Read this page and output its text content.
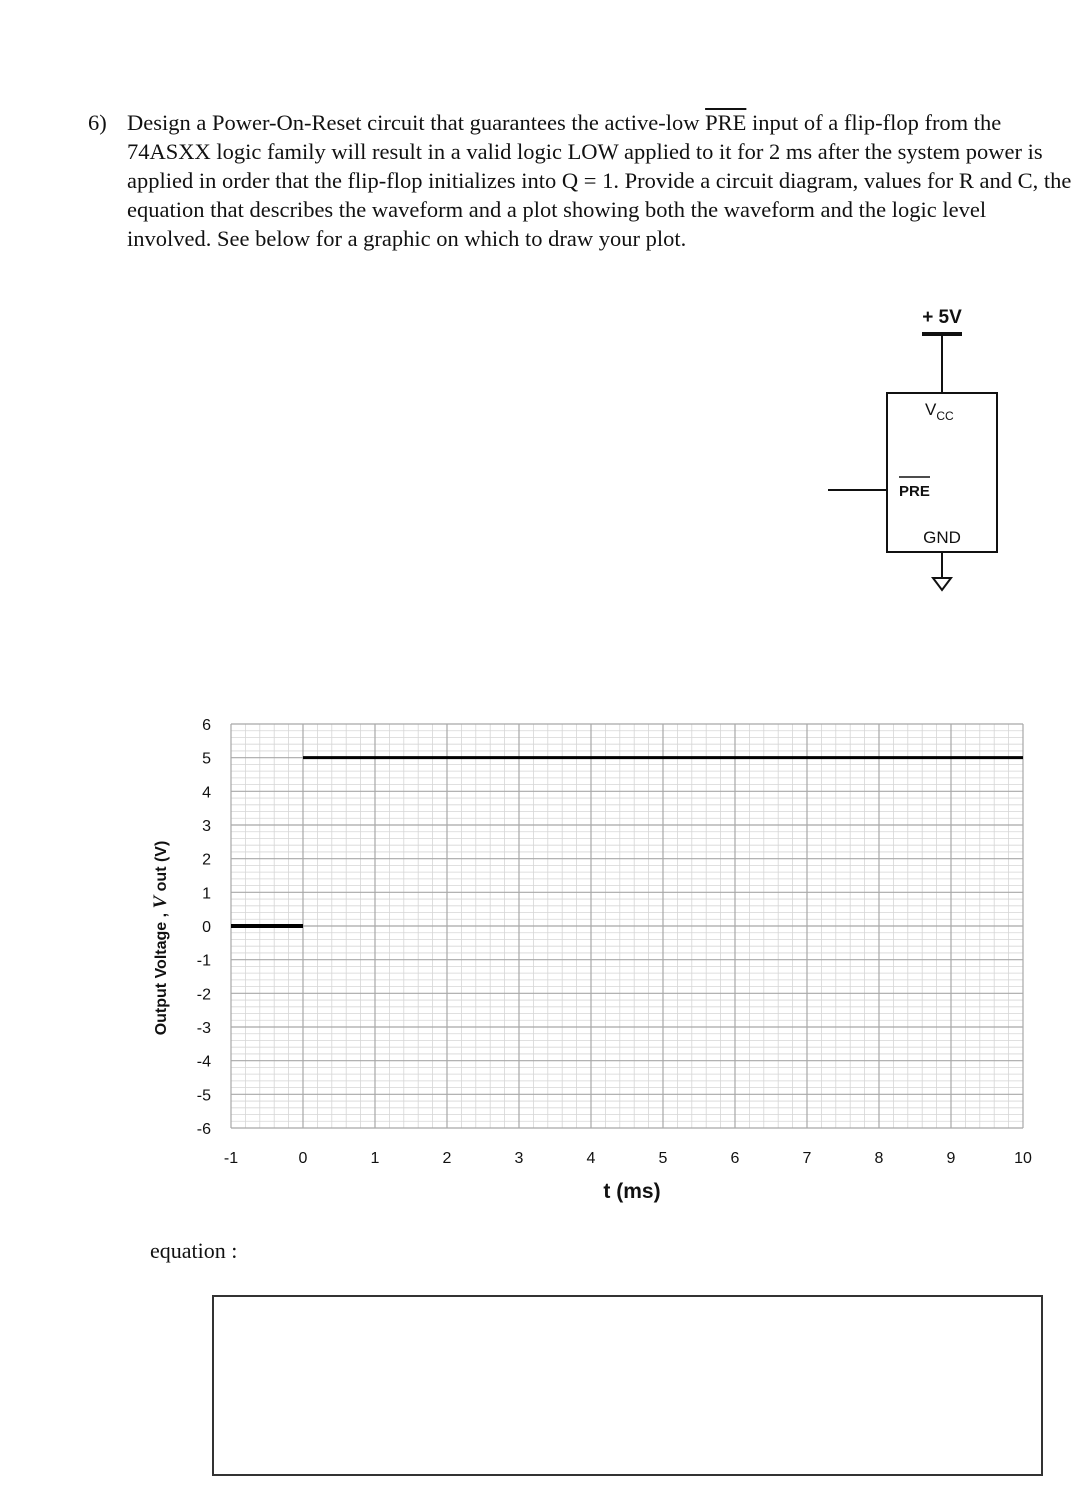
6) Design a Power-On-Reset circuit that guarantees the active-low $\overline{PRE}$ input of a flip-flop from the 74ASXX logic family will result in a valid logic LOW applied to it for 2 ms after the system power is applied in order that the flip-flop initializes into Q = 1. Provide a circuit diagram, values for R and C, the equation that describes the waveform and a plot showing both the waveform and the logic level involved. See below for a graphic on which to draw your plot.
+ 5V
$V_{CC}$
PRE
GND
6
5
4
3
2
1
0
-1
-2
-3
-4
-5
-6
-1	0	1	2	3	4	5	6	7	8	9	10
t (ms)
Output Voltage , V out (V)
equation :
